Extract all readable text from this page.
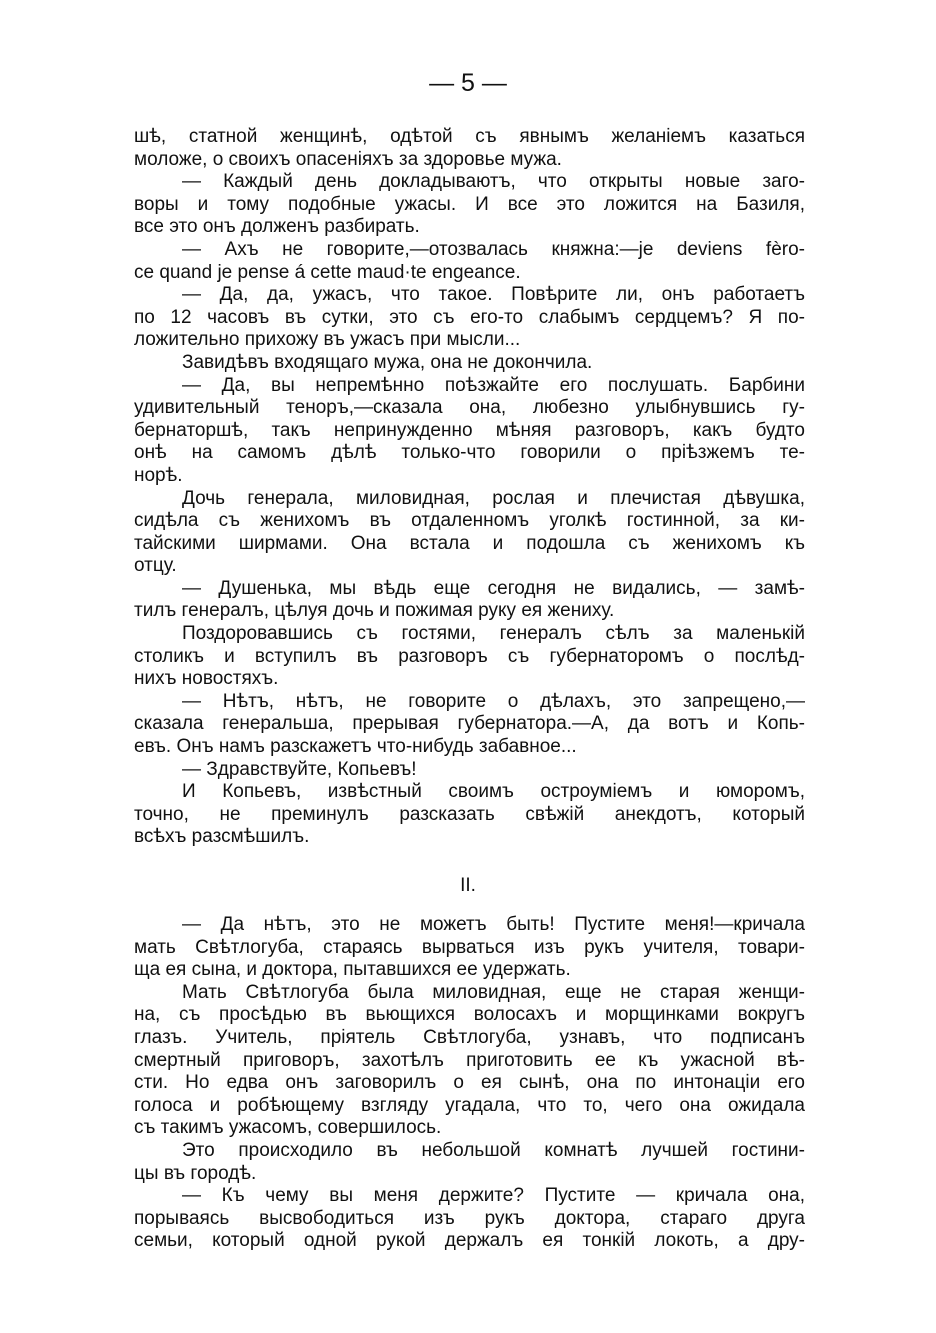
— 5 —
шѣ, статной женщинѣ, одѣтой съ явнымъ желаніемъ казаться
моложе, о своихъ опасеніяхъ за здоровье мужа.
— Каждый день докладываютъ, что открыты новые заго-
воры и тому подобные ужасы. И все это ложится на Базиля,
все это онъ долженъ разбирать.
— Ахъ не говорите,—отозвалась княжна:—je deviens fèro-
ce quand je pense á cette maud·te engeance.
— Да, да, ужасъ, что такое. Повѣрите ли, онъ работаетъ
по 12 часовъ въ сутки, это съ его-то слабымъ сердцемъ? Я по-
ложительно прихожу въ ужасъ при мысли...
Завидѣвъ входящаго мужа, она не докончила.
— Да, вы непремѣнно поѣзжайте его послушать. Барбини
удивительный теноръ,—сказала она, любезно улыбнувшись гу-
бернаторшѣ, такъ непринужденно мѣняя разговоръ, какъ будто
онѣ на самомъ дѣлѣ только-что говорили о пріѣзжемъ те-
норѣ.
Дочь генерала, миловидная, рослая и плечистая дѣвушка,
сидѣла съ женихомъ въ отдаленномъ уголкѣ гостинной, за ки-
тайскими ширмами. Она встала и подошла съ женихомъ къ
отцу.
— Душенька, мы вѣдь еще сегодня не видались, — замѣ-
тилъ генералъ, цѣлуя дочь и пожимая руку ея жениху.
Поздоровавшись съ гостями, генералъ сѣлъ за маленькій
столикъ и вступилъ въ разговоръ съ губернаторомъ о послѣд-
нихъ новостяхъ.
— Нѣтъ, нѣтъ, не говорите о дѣлахъ, это запрещено,—
сказала генеральша, прерывая губернатора.—А, да вотъ и Копь-
евъ. Онъ намъ разскажетъ что-нибудь забавное...
— Здравствуйте, Копьевъ!
И Копьевъ, извѣстный своимъ остроуміемъ и юморомъ,
точно, не преминулъ разсказать свѣжій анекдотъ, который
всѣхъ разсмѣшилъ.
II.
— Да нѣтъ, это не можетъ быть! Пустите меня!—кричала
мать Свѣтлогуба, стараясь вырваться изъ рукъ учителя, товари-
ща ея сына, и доктора, пытавшихся ее удержать.
Мать Свѣтлогуба была миловидная, еще не старая женщи-
на, съ просѣдью въ вьющихся волосахъ и морщинками вокругъ
глазъ. Учитель, пріятель Свѣтлогуба, узнавъ, что подписанъ
смертный приговоръ, захотѣлъ приготовить ее къ ужасной вѣ-
сти. Но едва онъ заговорилъ о ея сынѣ, она по интонаціи его
голоса и робѣющему взгляду угадала, что то, чего она ожидала
съ такимъ ужасомъ, совершилось.
Это происходило въ небольшой комнатѣ лучшей гостини-
цы въ городѣ.
— Къ чему вы меня держите? Пустите — кричала она,
порываясь высвободиться изъ рукъ доктора, стараго друга
семьи, который одной рукой держалъ ея тонкій локоть, а дру-
